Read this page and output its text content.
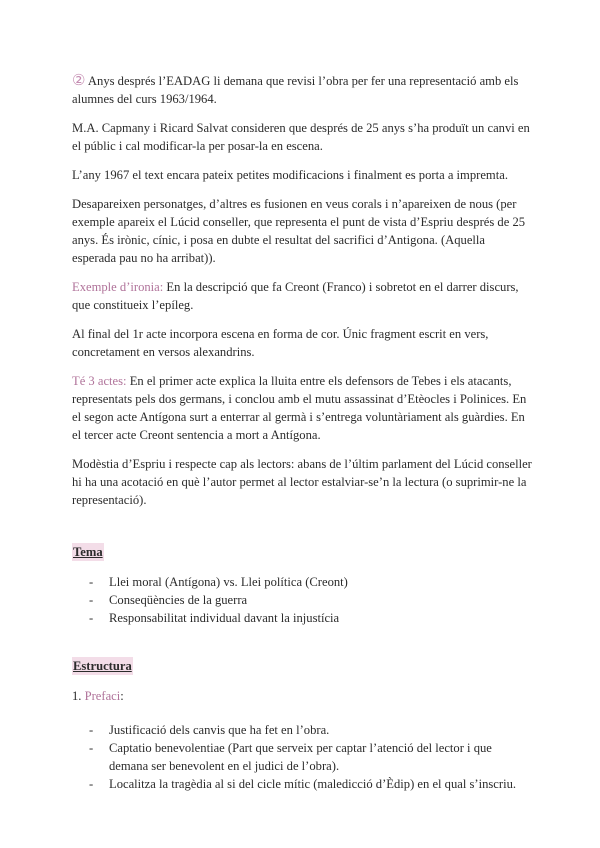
② Anys després l’EADAG li demana que revisi l’obra per fer una representació amb els alumnes del curs 1963/1964.

M.A. Capmany i Ricard Salvat consideren que després de 25 anys s’ha produït un canvi en el públic i cal modificar-la per posar-la en escena.

L’any 1967 el text encara pateix petites modificacions i finalment es porta a impremta.

Desapareixen personatges, d’altres es fusionen en veus corals i n’apareixen de nous (per exemple apareix el Lúcid conseller, que representa el punt de vista d’Espriu després de 25 anys. És irònic, cínic, i posa en dubte el resultat del sacrifici d’Antigona. (Aquella esperada pau no ha arribat)).

Exemple d’ironia: En la descripció que fa Creont (Franco) i sobretot en el darrer discurs, que constitueix l’epíleg.

Al final del 1r acte incorpora escena en forma de cor. Únic fragment escrit en vers, concretament en versos alexandrins.

Té 3 actes: En el primer acte explica la lluita entre els defensors de Tebes i els atacants, representats pels dos germans, i conclou amb el mutu assassinat d’Etèocles i Polinices. En el segon acte Antígona surt a enterrar al germà i s’entrega voluntàriament als guàrdies. En el tercer acte Creont sentencia a mort a Antígona.

Modèstia d’Espriu i respecte cap als lectors: abans de l’últim parlament del Lúcid conseller hi ha una acotació en què l’autor permet al lector estalviar-se’n la lectura (o suprimir-ne la representació).

Tema
- Llei moral (Antígona) vs. Llei política (Creont)
- Conseqüències de la guerra
- Responsabilitat individual davant la injustícia
Estructura

1. Prefaci:

- Justificació dels canvis que ha fet en l’obra.
- Captatio benevolentiae (Part que serveix per captar l’atenció del lector i que demana ser benevolent en el judici de l’obra).
- Localitza la tragèdia al si del cicle mític (maledicció d’Èdip) en el qual s’inscriu.
